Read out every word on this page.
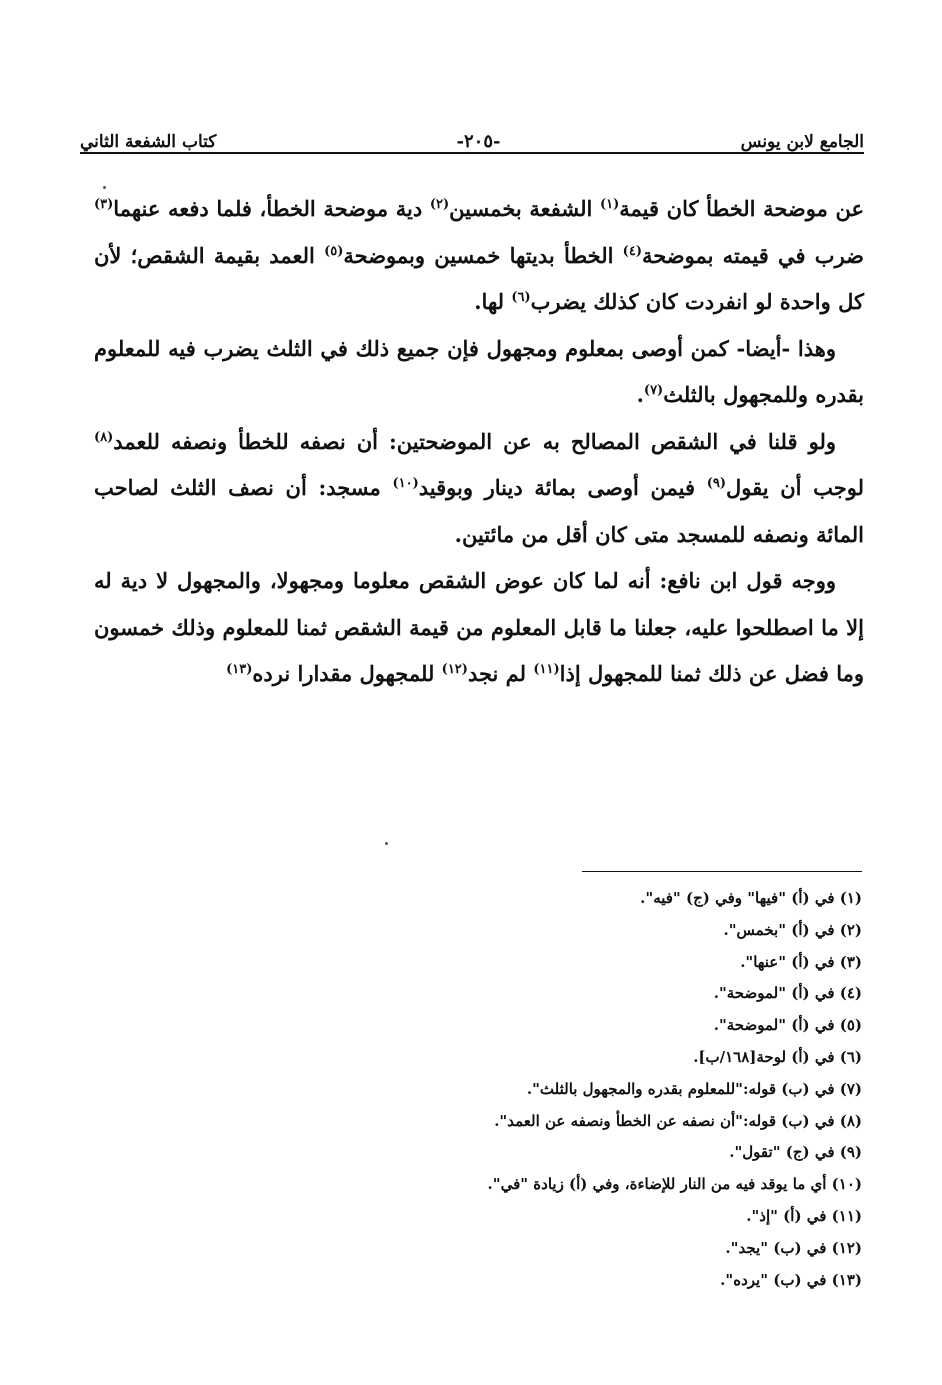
الجامع لابن يونس
-٢٠٥-
كتاب الشفعة الثاني

عن موضحة الخطأ كان قيمة$^{(١)}$ الشفعة بخمسين$^{(٢)}$ دية موضحة الخطأ، فلما دفعه عنهما$^{(٣)}$ ضرب في قيمته بموضحة$^{(٤)}$ الخطأ بديتها خمسين وبموضحة$^{(٥)}$ العمد بقيمة الشقص؛ لأن كل واحدة لو انفردت كان كذلك يضرب$^{(٦)}$ لها.

وهذا -أيضا- كمن أوصى بمعلوم ومجهول فإن جميع ذلك في الثلث يضرب فيه للمعلوم بقدره وللمجهول بالثلث$^{(٧)}$.

ولو قلنا في الشقص المصالح به عن الموضحتين: أن نصفه للخطأ ونصفه للعمد$^{(٨)}$ لوجب أن يقول$^{(٩)}$ فيمن أوصى بمائة دينار وبوقيد$^{(١٠)}$ مسجد: أن نصف الثلث لصاحب المائة ونصفه للمسجد متى كان أقل من مائتين.

ووجه قول ابن نافع: أنه لما كان عوض الشقص معلوما ومجهولا، والمجهول لا دية له إلا ما اصطلحوا عليه، جعلنا ما قابل المعلوم من قيمة الشقص ثمنا للمعلوم وذلك خمسون وما فضل عن ذلك ثمنا للمجهول إذا$^{(١١)}$ لم نجد$^{(١٢)}$ للمجهول مقدارا نرده$^{(١٣)}$

(١) في (أ) "فيها" وفي (ج) "فيه".
(٢) في (أ) "بخمس".
(٣) في (أ) "عنها".
(٤) في (أ) "لموضحة".
(٥) في (أ) "لموضحة".
(٦) في (أ) لوحة[١٦٨/ب].
(٧) في (ب) قوله:"للمعلوم بقدره والمجهول بالثلث".
(٨) في (ب) قوله:"أن نصفه عن الخطأ ونصفه عن العمد".
(٩) في (ج) "تقول".
(١٠) أي ما يوقد فيه من النار للإضاءة، وفي (أ) زيادة "في".
(١١) في (أ) "إذ".
(١٢) في (ب) "يجد".
(١٣) في (ب) "يرده".
